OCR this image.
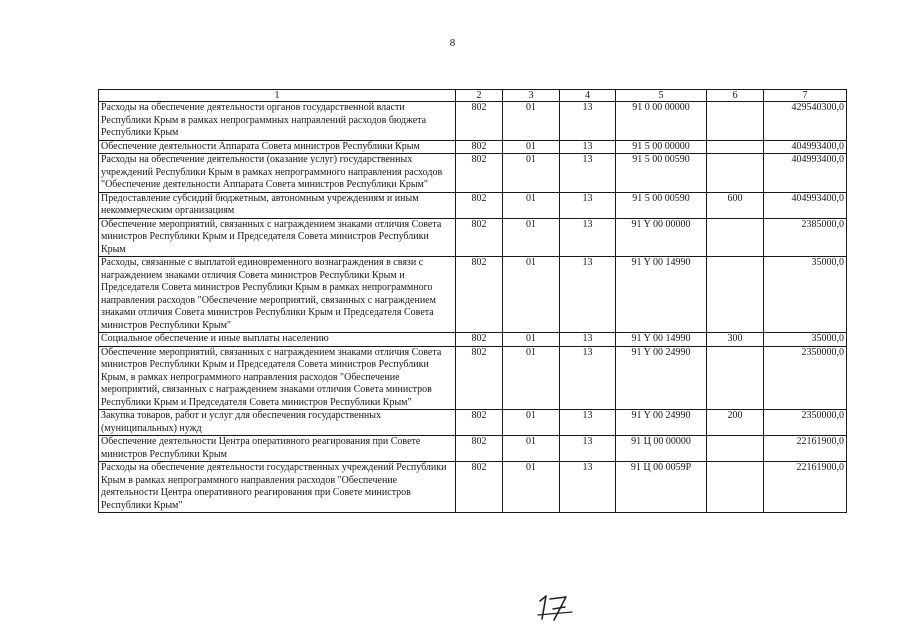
8
1	2	3	4	5	6	7
Расходы на обеспечение деятельности органов государственной власти Республики Крым в рамках непрограммных направлений расходов бюджета Республики Крым	802	01	13	91 0 00 00000		429540300,0
Обеспечение деятельности Аппарата Совета министров Республики Крым	802	01	13	91 5 00 00000		404993400,0
Расходы на обеспечение деятельности (оказание услуг) государственных учреждений Республики Крым в рамках непрограммного направления расходов "Обеспечение деятельности Аппарата Совета министров Республики Крым"	802	01	13	91 5 00 00590		404993400,0
Предоставление субсидий бюджетным, автономным учреждениям и иным некоммерческим организациям	802	01	13	91 5 00 00590	600	404993400,0
Обеспечение мероприятий, связанных с награждением знаками отличия Совета министров Республики Крым и Председателя Совета министров Республики Крым	802	01	13	91 Y 00 00000		2385000,0
Расходы, связанные с выплатой единовременного вознаграждения в связи с награждением знаками отличия Совета министров Республики Крым и Председателя Совета министров Республики Крым в рамках непрограммного направления расходов "Обеспечение мероприятий, связанных с награждением знаками отличия Совета министров Республики Крым и Председателя Совета министров Республики Крым"	802	01	13	91 Y 00 14990		35000,0
Социальное обеспечение и иные выплаты населению	802	01	13	91 Y 00 14990	300	35000,0
Обеспечение мероприятий, связанных с награждением знаками отличия Совета министров Республики Крым и Председателя Совета министров Республики Крым, в рамках непрограммного направления расходов "Обеспечение мероприятий, связанных с награждением знаками отличия Совета министров Республики Крым и Председателя Совета министров Республики Крым"	802	01	13	91 Y 00 24990		2350000,0
Закупка товаров, работ и услуг для обеспечения государственных (муниципальных) нужд	802	01	13	91 Y 00 24990	200	2350000,0
Обеспечение деятельности Центра оперативного реагирования при Совете министров Республики Крым	802	01	13	91 Ц 00 00000		22161900,0
Расходы на обеспечение деятельности государственных учреждений Республики Крым в рамках непрограммного направления расходов "Обеспечение деятельности Центра оперативного реагирования при Совете министров Республики Крым"	802	01	13	91 Ц 00 0059Р		22161900,0
